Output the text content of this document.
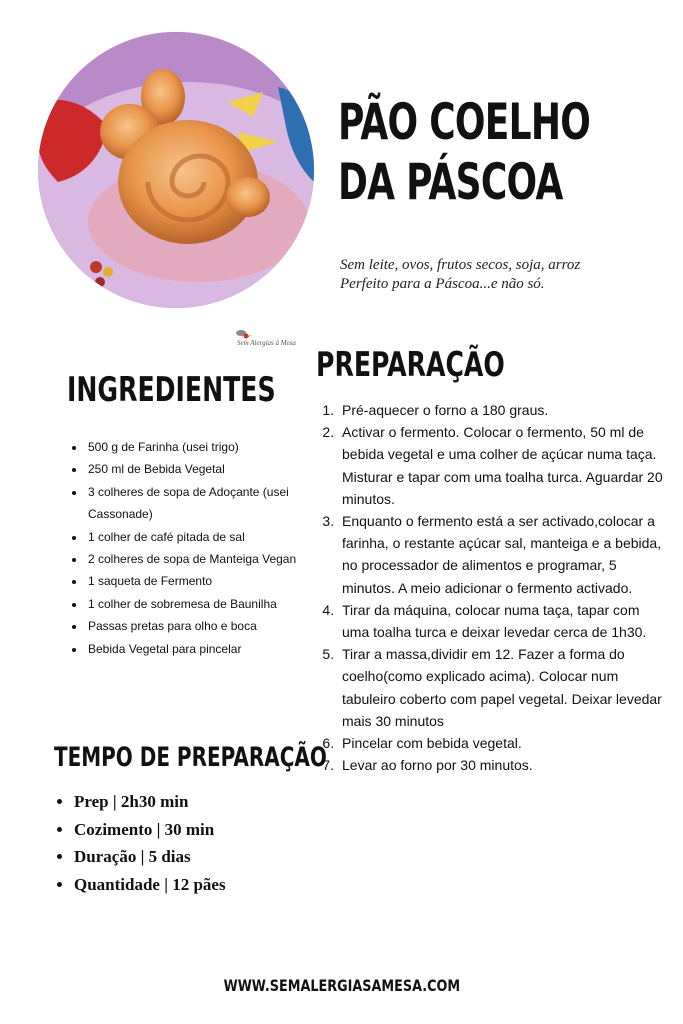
PÃO COELHO DA PÁSCOA
Sem leite, ovos, frutos secos, soja, arroz
Perfeito para a Páscoa...e não só.
Sem Alergias à Mesa
INGREDIENTES
• 500 g de Farinha (usei trigo)
• 250 ml de Bebida Vegetal
• 3 colheres de sopa de Adoçante (usei Cassonade)
• 1 colher de café pitada de sal
• 2 colheres de sopa de Manteiga Vegan
• 1 saqueta de Fermento
• 1 colher de sobremesa de Baunilha
• Passas pretas para olho e boca
• Bebida Vegetal para pincelar
PREPARAÇÃO
1. Pré-aquecer o forno a 180 graus.
2. Activar o fermento. Colocar o fermento, 50 ml de bebida vegetal e uma colher de açúcar numa taça. Misturar e tapar com uma toalha turca. Aguardar 20 minutos.
3. Enquanto o fermento está a ser activado,colocar a farinha, o restante açúcar sal, manteiga e a bebida, no processador de alimentos e programar, 5 minutos. A meio adicionar o fermento activado.
4. Tirar da máquina, colocar numa taça, tapar com uma toalha turca e deixar levedar cerca de 1h30.
5. Tirar a massa,dividir em 12. Fazer a forma do coelho(como explicado acima). Colocar num tabuleiro coberto com papel vegetal. Deixar levedar mais 30 minutos
6. Pincelar com bebida vegetal.
7. Levar ao forno por 30 minutos.
TEMPO DE PREPARAÇÃO
• Prep | 2h30 min
• Cozimento | 30 min
• Duração | 5 dias
• Quantidade | 12 pães
WWW.SEMALERGIASAMESA.COM
